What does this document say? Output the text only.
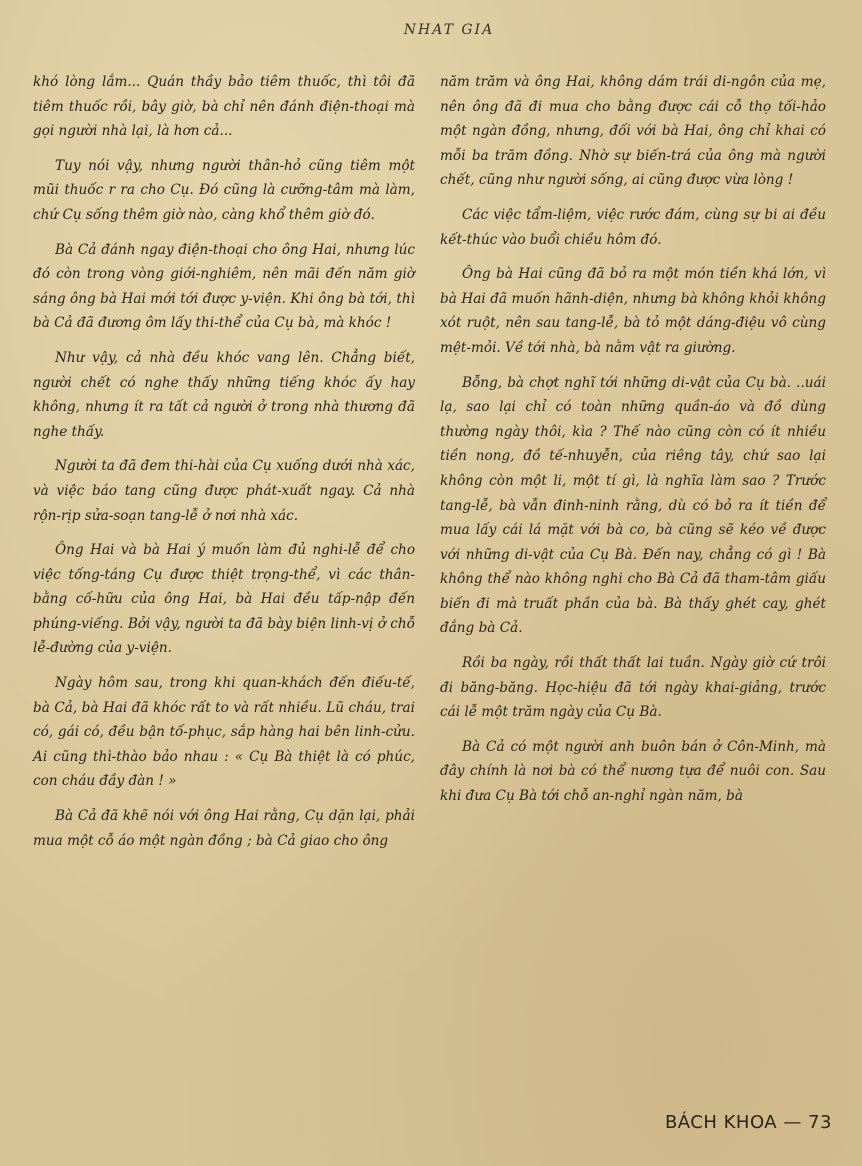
NHAT GIA

khó lòng lắm... Quán thầy bảo tiêm thuốc, thì tôi đã tiêm thuốc rồi, bây giờ, bà chỉ nên đánh điện-thoại mà gọi người nhà lại, là hơn cả...

Tuy nói vậy, nhưng người thân-hỏ cũng tiêm một mũi thuốc r ra cho Cụ. Đó cũng là cưỡng-tâm mà làm, chứ Cụ sống thêm giờ nào, càng khổ thêm giờ đó.

Bà Cả đánh ngay điện-thoại cho ông Hai, nhưng lúc đó còn trong vòng giới-nghiêm, nên mãi đến năm giờ sáng ông bà Hai mới tới được y-viện. Khi ông bà tới, thì bà Cả đã đương ôm lấy thi-thể của Cụ bà, mà khóc !

Như vậy, cả nhà đều khóc vang lên. Chẳng biết, người chết có nghe thấy những tiếng khóc ấy hay không, nhưng ít ra tất cả người ở trong nhà thương đã nghe thấy.

Người ta đã đem thi-hài của Cụ xuống dưới nhà xác, và việc báo tang cũng được phát-xuất ngay. Cả nhà rộn-rịp sửa-soạn tang-lễ ở nơi nhà xác.

Ông Hai và bà Hai ý muốn làm đủ nghi-lễ để cho việc tống-táng Cụ được thiệt trọng-thể, vì các thân-bằng cố-hữu của ông Hai, bà Hai đều tấp-nập đến phúng-viếng. Bởi vậy, người ta đã bày biện linh-vị ở chỗ lễ-đường của y-viện.

Ngày hôm sau, trong khi quan-khách đến điếu-tế, bà Cả, bà Hai đã khóc rất to và rất nhiều. Lũ cháu, trai có, gái có, đều bận tố-phục, sắp hàng hai bên linh-cửu. Ai cũng thì-thào bảo nhau : « Cụ Bà thiệt là có phúc, con cháu đầy đàn ! »

Bà Cả đã khẽ nói với ông Hai rằng, Cụ dặn lại, phải mua một cỗ áo một ngàn đồng ; bà Cả giao cho ông

năm trăm và ông Hai, không dám trái di-ngôn của mẹ, nên ông đã đi mua cho bằng được cái cỗ thọ tối-hảo một ngàn đồng, nhưng, đối với bà Hai, ông chỉ khai có mỗi ba trăm đồng. Nhờ sự biến-trá của ông mà người chết, cũng như người sống, ai cũng được vừa lòng !

Các việc tẩm-liệm, việc rước đám, cùng sự bi ai đều kết-thúc vào buổi chiều hôm đó.

Ông bà Hai cũng đã bỏ ra một món tiền khá lớn, vì bà Hai đã muốn hãnh-diện, nhưng bà không khỏi không xót ruột, nên sau tang-lễ, bà tỏ một dáng-điệu vô cùng mệt-mỏi. Về tới nhà, bà nằm vật ra giường.

Bỗng, bà chợt nghĩ tới những di-vật của Cụ bà. ..uái lạ, sao lại chỉ có toàn những quần-áo và đồ dùng thường ngày thôi, kìa ? Thế nào cũng còn có ít nhiều tiền nong, đồ tế-nhuyễn, của riêng tây, chứ sao lại không còn một li, một tí gì, là nghĩa làm sao ? Trước tang-lễ, bà vẫn đinh-ninh rằng, dù có bỏ ra ít tiền để mua lấy cái lá mặt với bà co, bà cũng sẽ kéo về được với những di-vật của Cụ Bà. Đến nay, chẳng có gì ! Bà không thể nào không nghi cho Bà Cả đã tham-tâm giấu biến đi mà truất phần của bà. Bà thấy ghét cay, ghét đắng bà Cả.

Rồi ba ngày, rồi thất thất lai tuần. Ngày giờ cứ trôi đi băng-băng. Học-hiệu đã tới ngày khai-giảng, trước cái lễ một trăm ngày của Cụ Bà.

Bà Cả có một người anh buôn bán ở Côn-Minh, mà đây chính là nơi bà có thể nương tựa để nuôi con. Sau khi đưa Cụ Bà tới chỗ an-nghỉ ngàn năm, bà

BÁCH KHOA — 73
